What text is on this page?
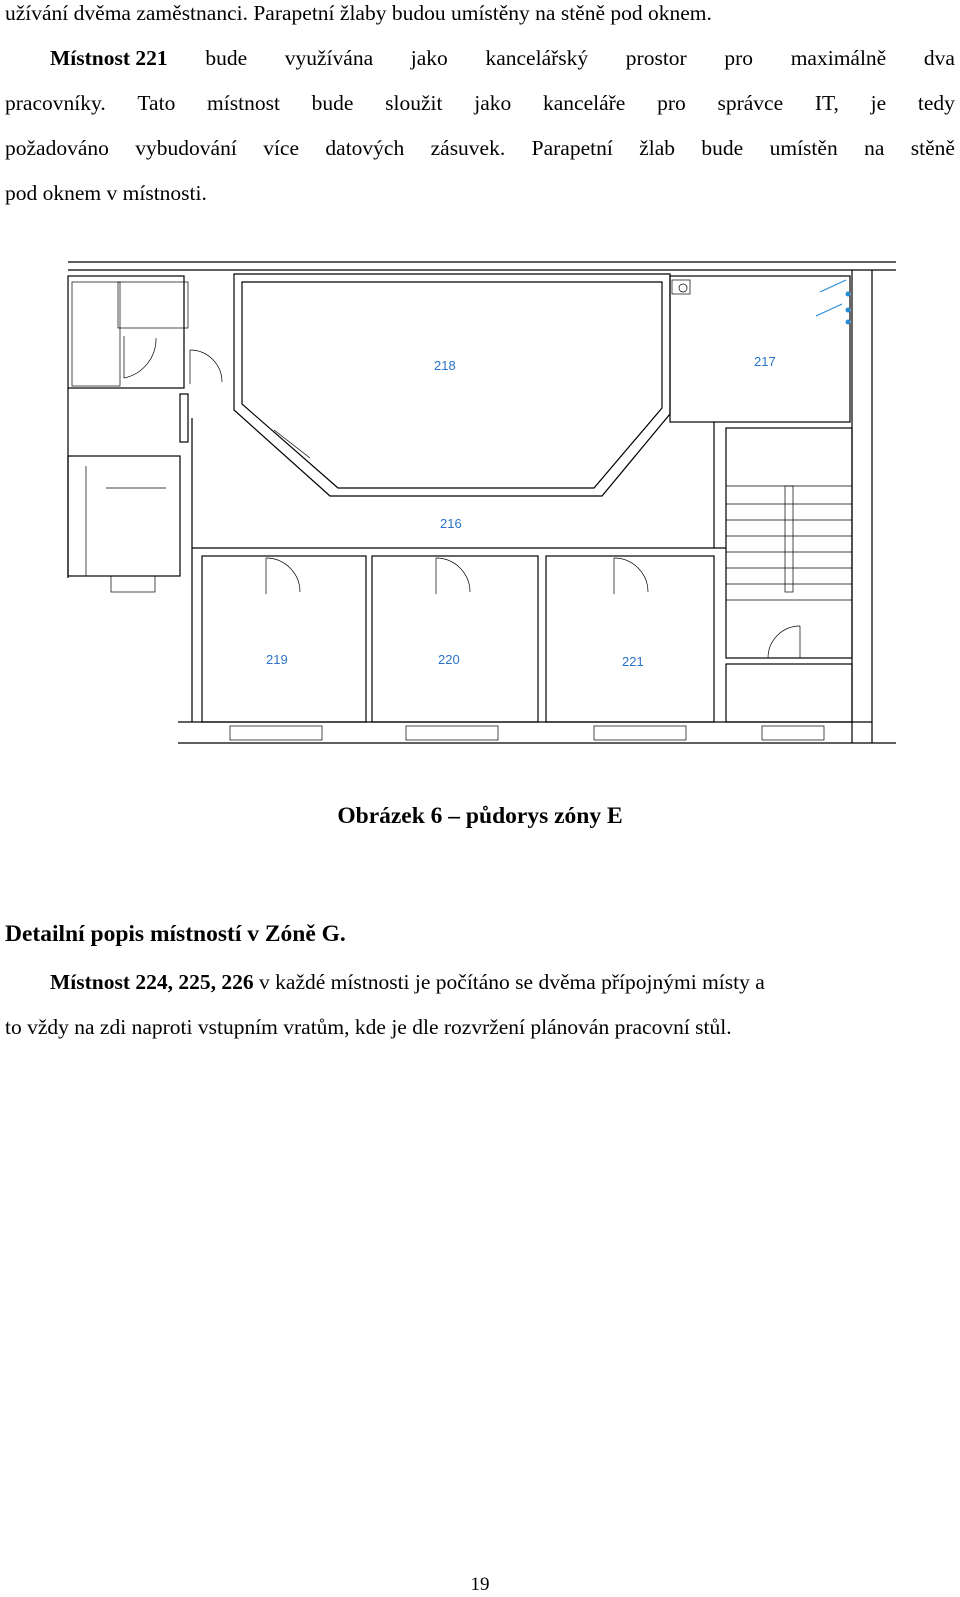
užívání dvěma zaměstnanci. Parapetní žlaby budou umístěny na stěně pod oknem.
Místnost 221 bude využívána jako kancelářský prostor pro maximálně dva
pracovníky. Tato místnost bude sloužit jako kanceláře pro správce IT, je tedy
požadováno vybudování více datových zásuvek. Parapetní žlab bude umístěn na stěně
pod oknem v místnosti.
218	217
216
219	220	221

Obrázek 6 – půdorys zóny E

Detailní popis místností v Zóně G.

Místnost 224, 225, 226 v každé místnosti je počítáno se dvěma přípojnými místy a
to vždy na zdi naproti vstupním vratům, kde je dle rozvržení plánován pracovní stůl.
19
